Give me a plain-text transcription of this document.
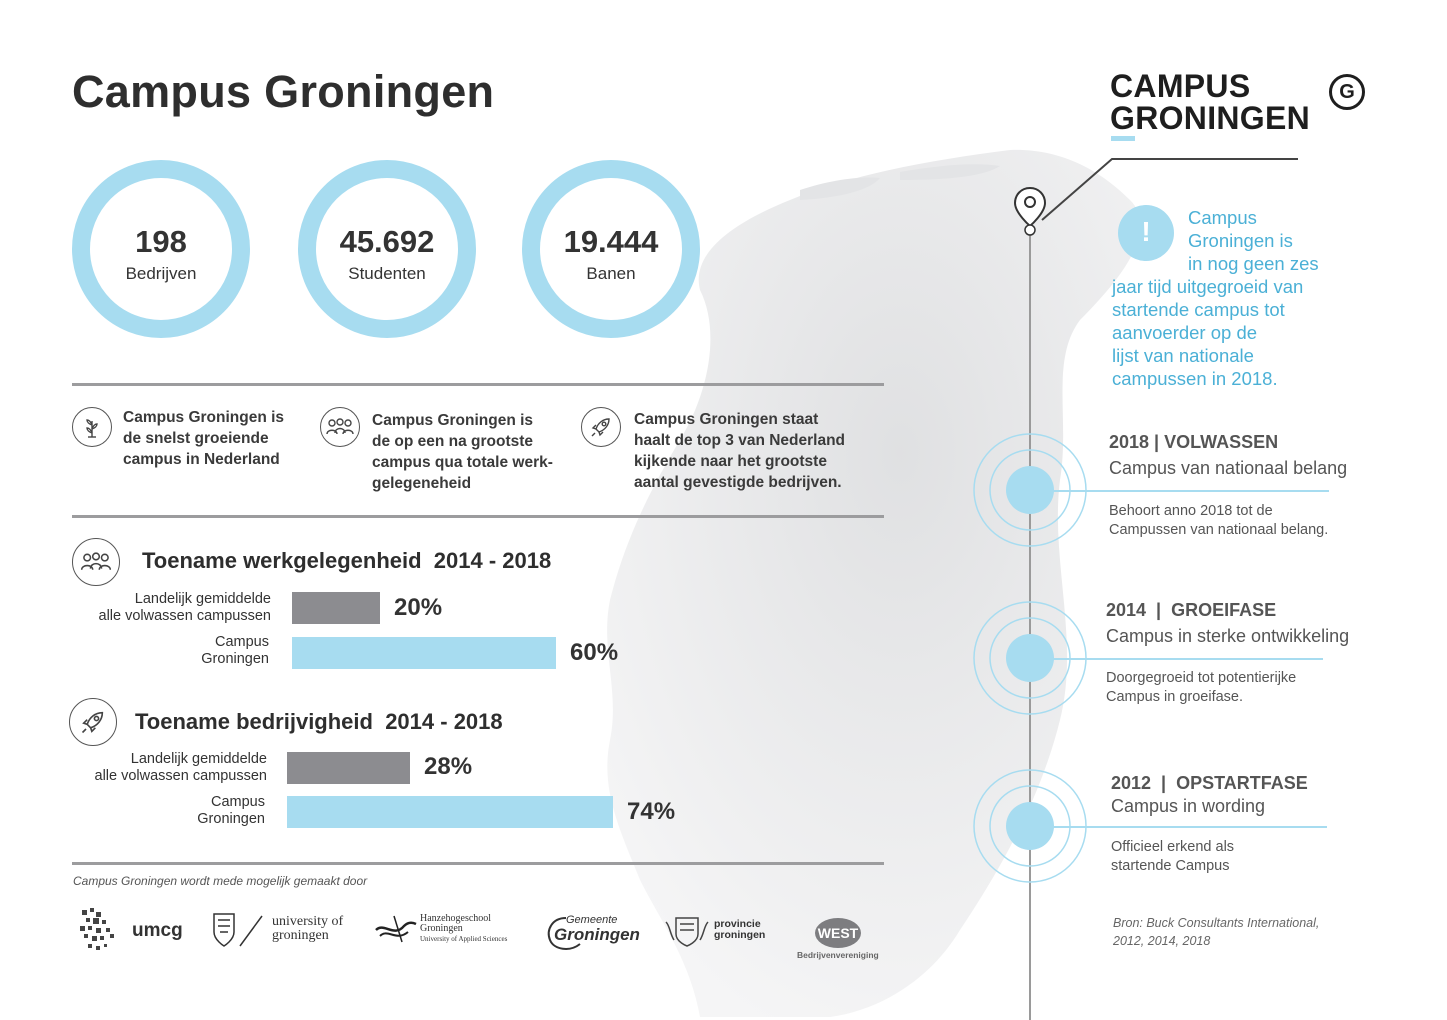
Campus Groningen
198
Bedrijven
45.692
Studenten
19.444
Banen
Campus Groningen is
de snelst groeiende
campus in Nederland
Campus Groningen is
de op een na grootste
campus qua totale werk-
gelegeneheid
Campus Groningen staat
haalt de top 3 van Nederland
kijkende naar het grootste
aantal gevestigde bedrijven.
Toename werkgelegenheid  2014 - 2018
Landelijk gemiddelde
alle volwassen campussen	20%
Campus
Groningen	60%
Toename bedrijvigheid  2014 - 2018
Landelijk gemiddelde
alle volwassen campussen	28%
Campus
Groningen	74%
Campus Groningen wordt mede mogelijk gemaakt door
umcg	university of
groningen
Hanzehogeschool
Groningen
University of Applied Sciences
Gemeente
Groningen
provincie
groningen	WEST
Bedrijvenvereniging
CAMPUS
GRONINGEN
G
!	Campus
Groningen is
in nog geen zes
jaar tijd uitgegroeid van
startende campus tot
aanvoerder op de
lijst van nationale
campussen in 2018.
2018 | VOLWASSEN
Campus van nationaal belang
Behoort anno 2018 tot de
Campussen van nationaal belang.
2014  |  GROEIFASE
Campus in sterke ontwikkeling
Doorgegroeid tot potentierijke
Campus in groeifase.
2012  |  OPSTARTFASE
Campus in wording
Officieel erkend als
startende Campus
Bron: Buck Consultants International,
2012, 2014, 2018
